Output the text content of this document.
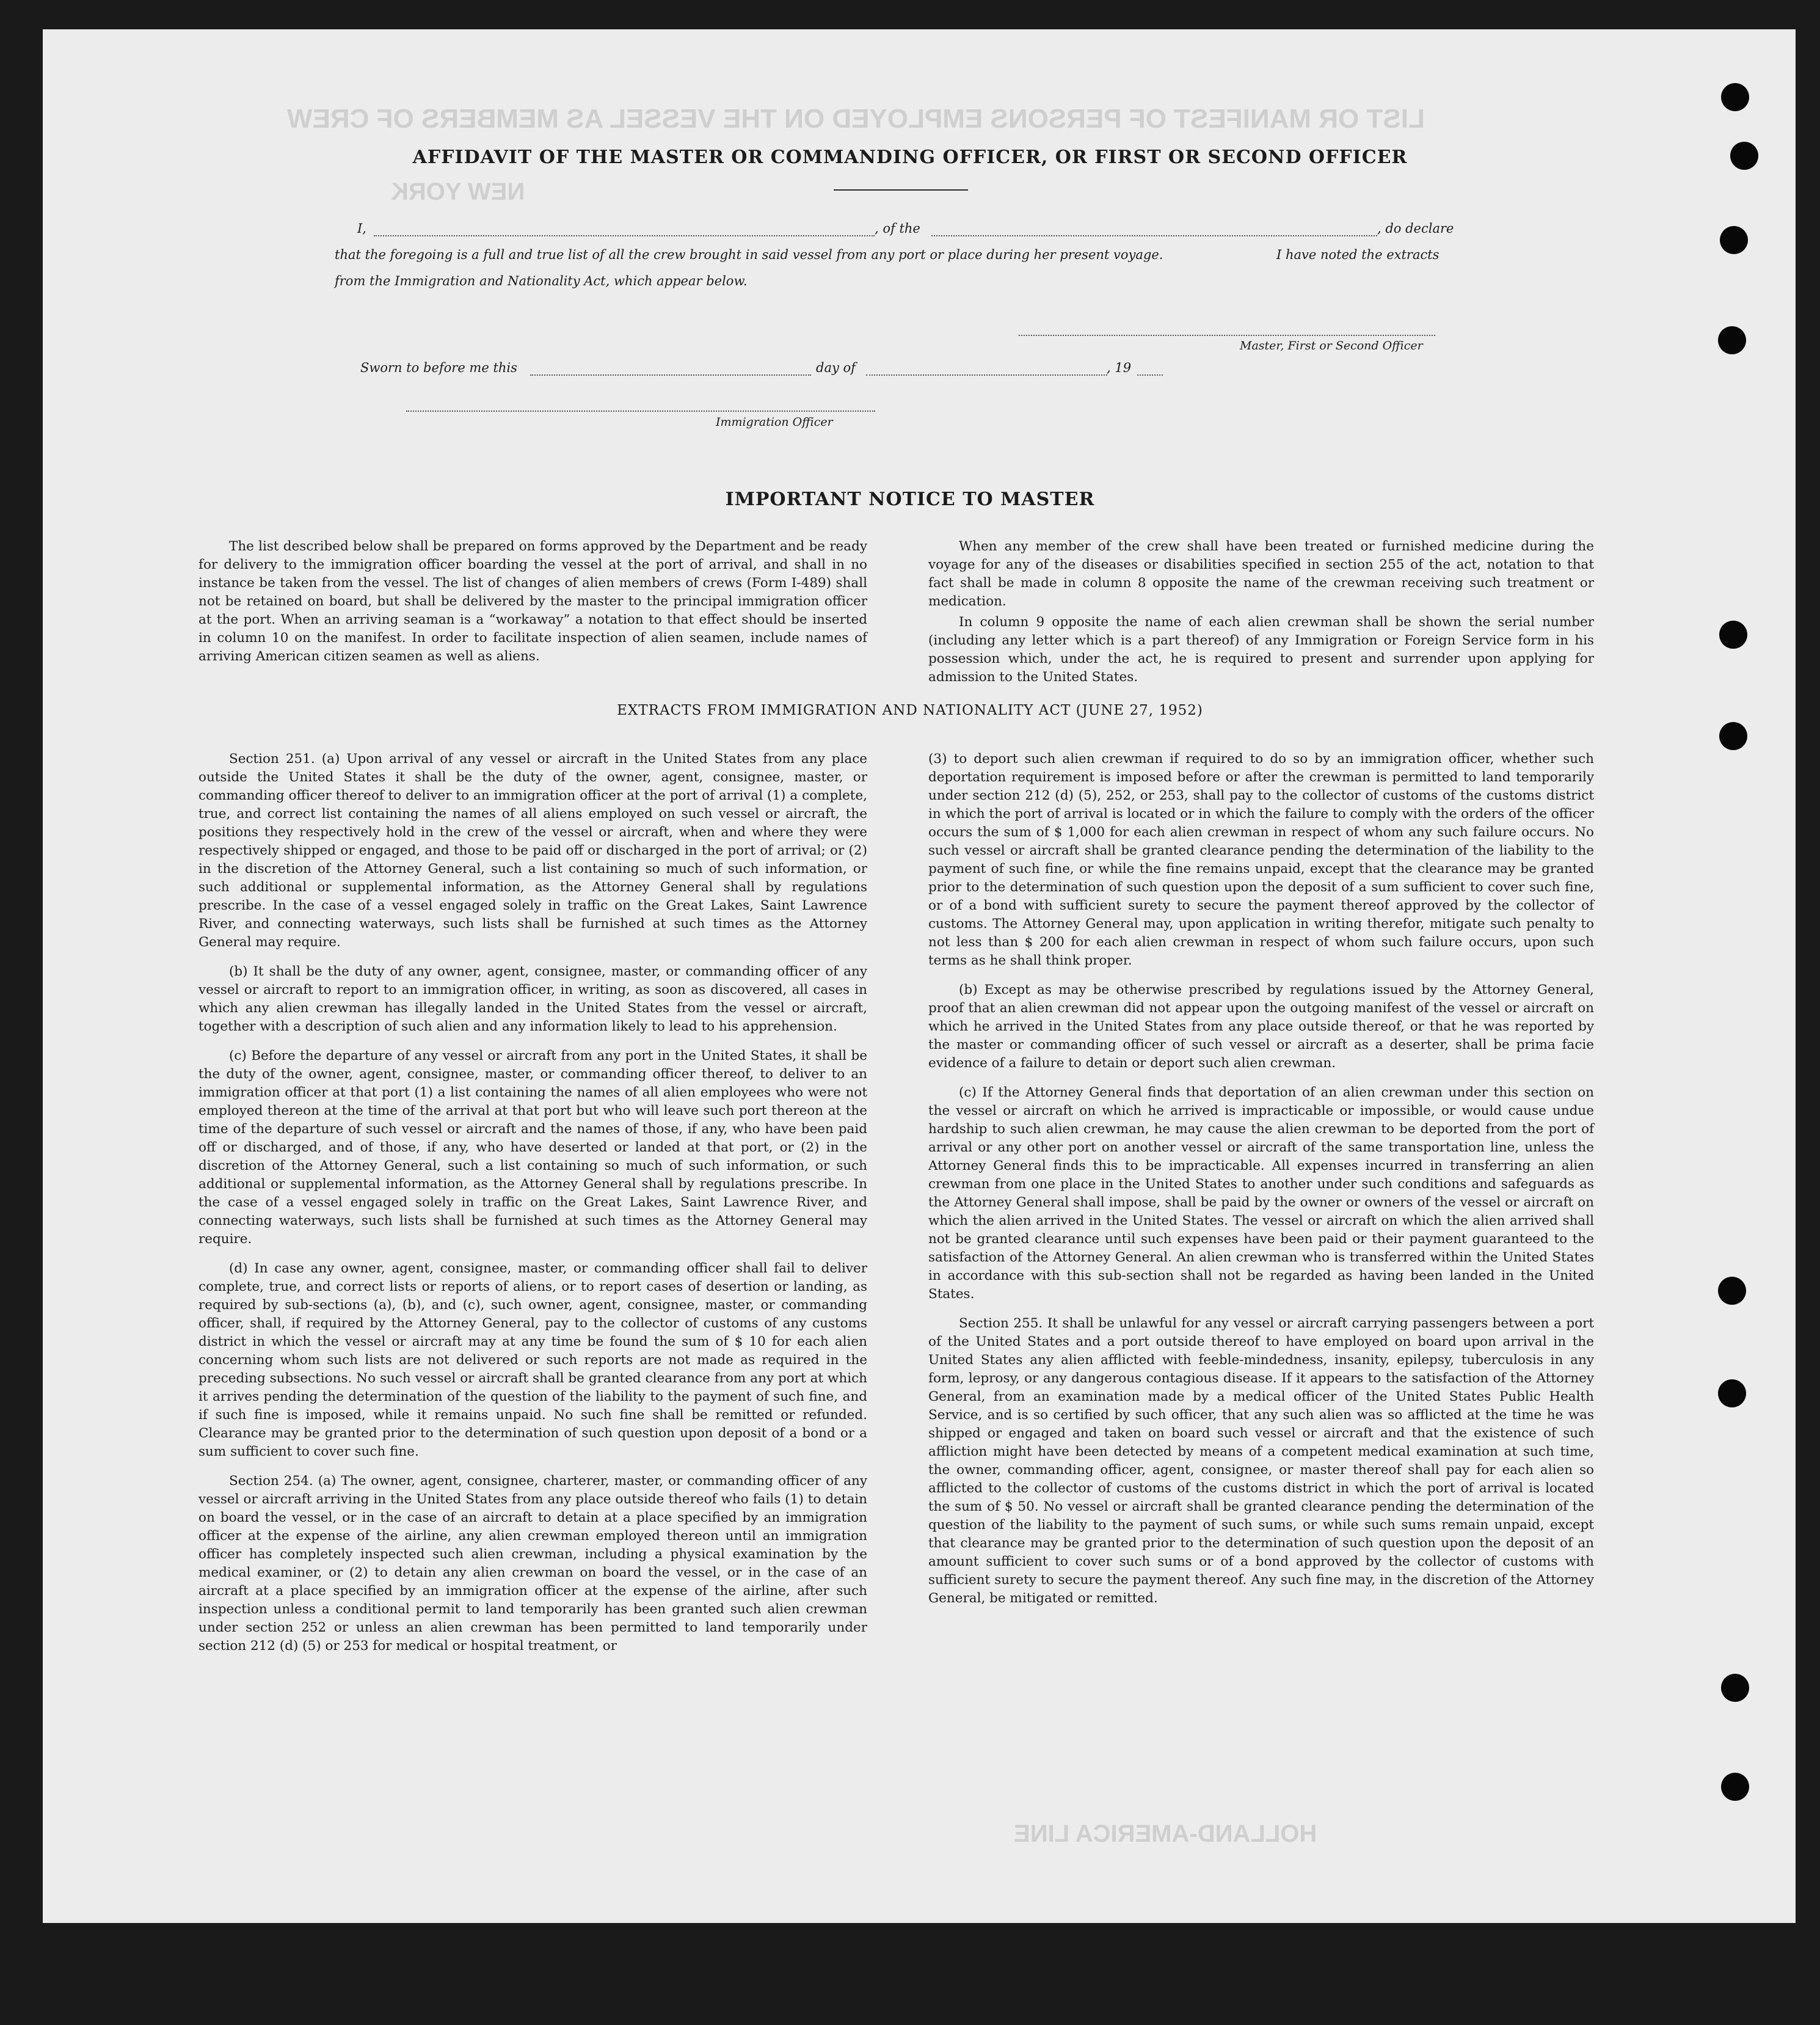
LIST OR MANIFEST OF PERSONS EMPLOYED ON THE VESSEL AS MEMBERS OF CREW
NEW YORK
HOLLAND-AMERICA LINE
AFFIDAVIT OF THE MASTER OR COMMANDING OFFICER, OR FIRST OR SECOND OFFICER
I,	, of the	, do declare
that the foregoing is a full and true list of all the crew brought in said vessel from any port or place during her present voyage.	I have noted the extracts
from the Immigration and Nationality Act, which appear below.
Master, First or Second Officer
Sworn to before me this	day of	, 19
Immigration Officer
IMPORTANT NOTICE TO MASTER

The list described below shall be prepared on forms approved by the Department and be ready for delivery to the immigration officer boarding the vessel at the port of arrival, and shall in no instance be taken from the vessel. The list of changes of alien members of crews (Form I-489) shall not be retained on board, but shall be delivered by the master to the principal immigration officer at the port. When an arriving seaman is a “workaway” a notation to that effect should be inserted in column 10 on the manifest. In order to facilitate inspection of alien seamen, include names of arriving American citizen seamen as well as aliens.

When any member of the crew shall have been treated or furnished medicine during the voyage for any of the diseases or disabilities specified in section 255 of the act, notation to that fact shall be made in column 8 opposite the name of the crewman receiving such treatment or medication.

In column 9 opposite the name of each alien crewman shall be shown the serial number (including any letter which is a part thereof) of any Immigration or Foreign Service form in his possession which, under the act, he is required to present and surrender upon applying for admission to the United States.

EXTRACTS FROM IMMIGRATION AND NATIONALITY ACT (JUNE 27, 1952)

Section 251. (a) Upon arrival of any vessel or aircraft in the United States from any place outside the United States it shall be the duty of the owner, agent, consignee, master, or commanding officer thereof to deliver to an immigration officer at the port of arrival (1) a complete, true, and correct list containing the names of all aliens employed on such vessel or aircraft, the positions they respectively hold in the crew of the vessel or aircraft, when and where they were respectively shipped or engaged, and those to be paid off or discharged in the port of arrival; or (2) in the discretion of the Attorney General, such a list containing so much of such information, or such additional or supplemental information, as the Attorney General shall by regulations prescribe. In the case of a vessel engaged solely in traffic on the Great Lakes, Saint Lawrence River, and connecting waterways, such lists shall be furnished at such times as the Attorney General may require.

(b) It shall be the duty of any owner, agent, consignee, master, or commanding officer of any vessel or aircraft to report to an immigration officer, in writing, as soon as discovered, all cases in which any alien crewman has illegally landed in the United States from the vessel or aircraft, together with a description of such alien and any information likely to lead to his apprehension.

(c) Before the departure of any vessel or aircraft from any port in the United States, it shall be the duty of the owner, agent, consignee, master, or commanding officer thereof, to deliver to an immigration officer at that port (1) a list containing the names of all alien employees who were not employed thereon at the time of the arrival at that port but who will leave such port thereon at the time of the departure of such vessel or aircraft and the names of those, if any, who have been paid off or discharged, and of those, if any, who have deserted or landed at that port, or (2) in the discretion of the Attorney General, such a list containing so much of such information, or such additional or supplemental information, as the Attorney General shall by regulations prescribe. In the case of a vessel engaged solely in traffic on the Great Lakes, Saint Lawrence River, and connecting waterways, such lists shall be furnished at such times as the Attorney General may require.

(d) In case any owner, agent, consignee, master, or commanding officer shall fail to deliver complete, true, and correct lists or reports of aliens, or to report cases of desertion or landing, as required by sub-sections (a), (b), and (c), such owner, agent, consignee, master, or commanding officer, shall, if required by the Attorney General, pay to the collector of customs of any customs district in which the vessel or aircraft may at any time be found the sum of $ 10 for each alien concerning whom such lists are not delivered or such reports are not made as required in the preceding subsections. No such vessel or aircraft shall be granted clearance from any port at which it arrives pending the determination of the question of the liability to the payment of such fine, and if such fine is imposed, while it remains unpaid. No such fine shall be remitted or refunded. Clearance may be granted prior to the determination of such question upon deposit of a bond or a sum sufficient to cover such fine.

Section 254. (a) The owner, agent, consignee, charterer, master, or commanding officer of any vessel or aircraft arriving in the United States from any place outside thereof who fails (1) to detain on board the vessel, or in the case of an aircraft to detain at a place specified by an immigration officer at the expense of the airline, any alien crewman employed thereon until an immigration officer has completely inspected such alien crewman, including a physical examination by the medical examiner, or (2) to detain any alien crewman on board the vessel, or in the case of an aircraft at a place specified by an immigration officer at the expense of the airline, after such inspection unless a conditional permit to land temporarily has been granted such alien crewman under section 252 or unless an alien crewman has been permitted to land temporarily under section 212 (d) (5) or 253 for medical or hospital treatment, or

(3) to deport such alien crewman if required to do so by an immigration officer, whether such deportation requirement is imposed before or after the crewman is permitted to land temporarily under section 212 (d) (5), 252, or 253, shall pay to the collector of customs of the customs district in which the port of arrival is located or in which the failure to comply with the orders of the officer occurs the sum of $ 1,000 for each alien crewman in respect of whom any such failure occurs. No such vessel or aircraft shall be granted clearance pending the determination of the liability to the payment of such fine, or while the fine remains unpaid, except that the clearance may be granted prior to the determination of such question upon the deposit of a sum sufficient to cover such fine, or of a bond with sufficient surety to secure the payment thereof approved by the collector of customs. The Attorney General may, upon application in writing therefor, mitigate such penalty to not less than $ 200 for each alien crewman in respect of whom such failure occurs, upon such terms as he shall think proper.

(b) Except as may be otherwise prescribed by regulations issued by the Attorney General, proof that an alien crewman did not appear upon the outgoing manifest of the vessel or aircraft on which he arrived in the United States from any place outside thereof, or that he was reported by the master or commanding officer of such vessel or aircraft as a deserter, shall be prima facie evidence of a failure to detain or deport such alien crewman.

(c) If the Attorney General finds that deportation of an alien crewman under this section on the vessel or aircraft on which he arrived is impracticable or impossible, or would cause undue hardship to such alien crewman, he may cause the alien crewman to be deported from the port of arrival or any other port on another vessel or aircraft of the same transportation line, unless the Attorney General finds this to be impracticable. All expenses incurred in transferring an alien crewman from one place in the United States to another under such conditions and safeguards as the Attorney General shall impose, shall be paid by the owner or owners of the vessel or aircraft on which the alien arrived in the United States. The vessel or aircraft on which the alien arrived shall not be granted clearance until such expenses have been paid or their payment guaranteed to the satisfaction of the Attorney General. An alien crewman who is transferred within the United States in accordance with this sub-section shall not be regarded as having been landed in the United States.

Section 255. It shall be unlawful for any vessel or aircraft carrying passengers between a port of the United States and a port outside thereof to have employed on board upon arrival in the United States any alien afflicted with feeble-mindedness, insanity, epilepsy, tuberculosis in any form, leprosy, or any dangerous contagious disease. If it appears to the satisfaction of the Attorney General, from an examination made by a medical officer of the United States Public Health Service, and is so certified by such officer, that any such alien was so afflicted at the time he was shipped or engaged and taken on board such vessel or aircraft and that the existence of such affliction might have been detected by means of a competent medical examination at such time, the owner, commanding officer, agent, consignee, or master thereof shall pay for each alien so afflicted to the collector of customs of the customs district in which the port of arrival is located the sum of $ 50. No vessel or aircraft shall be granted clearance pending the determination of the question of the liability to the payment of such sums, or while such sums remain unpaid, except that clearance may be granted prior to the determination of such question upon the deposit of an amount sufficient to cover such sums or of a bond approved by the collector of customs with sufficient surety to secure the payment thereof. Any such fine may, in the discretion of the Attorney General, be mitigated or remitted.
